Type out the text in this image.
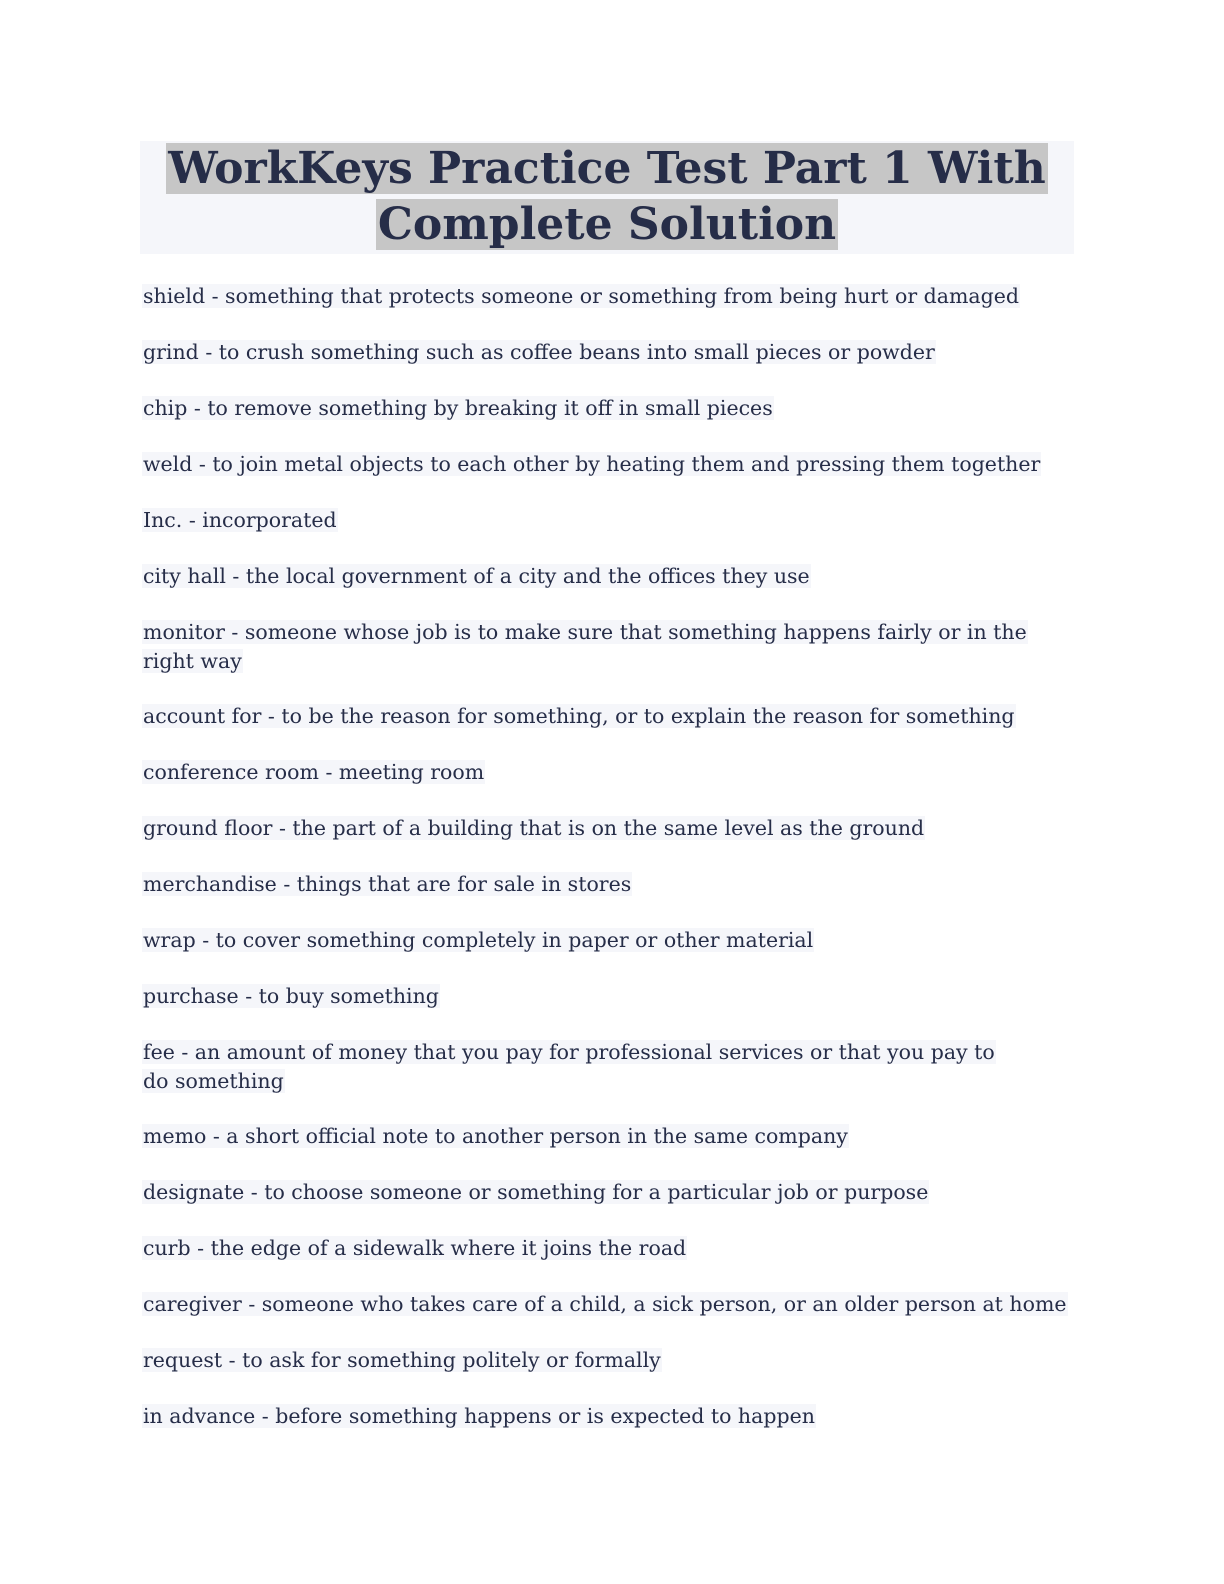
WorkKeys Practice Test Part 1 With
Complete Solution

shield - something that protects someone or something from being hurt or damaged

grind - to crush something such as coffee beans into small pieces or powder

chip - to remove something by breaking it off in small pieces

weld - to join metal objects to each other by heating them and pressing them together

Inc. - incorporated

city hall - the local government of a city and the offices they use

monitor - someone whose job is to make sure that something happens fairly or in the right way

account for - to be the reason for something, or to explain the reason for something

conference room - meeting room

ground floor - the part of a building that is on the same level as the ground

merchandise - things that are for sale in stores

wrap - to cover something completely in paper or other material

purchase - to buy something

fee - an amount of money that you pay for professional services or that you pay to do something

memo - a short official note to another person in the same company

designate - to choose someone or something for a particular job or purpose

curb - the edge of a sidewalk where it joins the road

caregiver - someone who takes care of a child, a sick person, or an older person at home

request - to ask for something politely or formally

in advance - before something happens or is expected to happen
